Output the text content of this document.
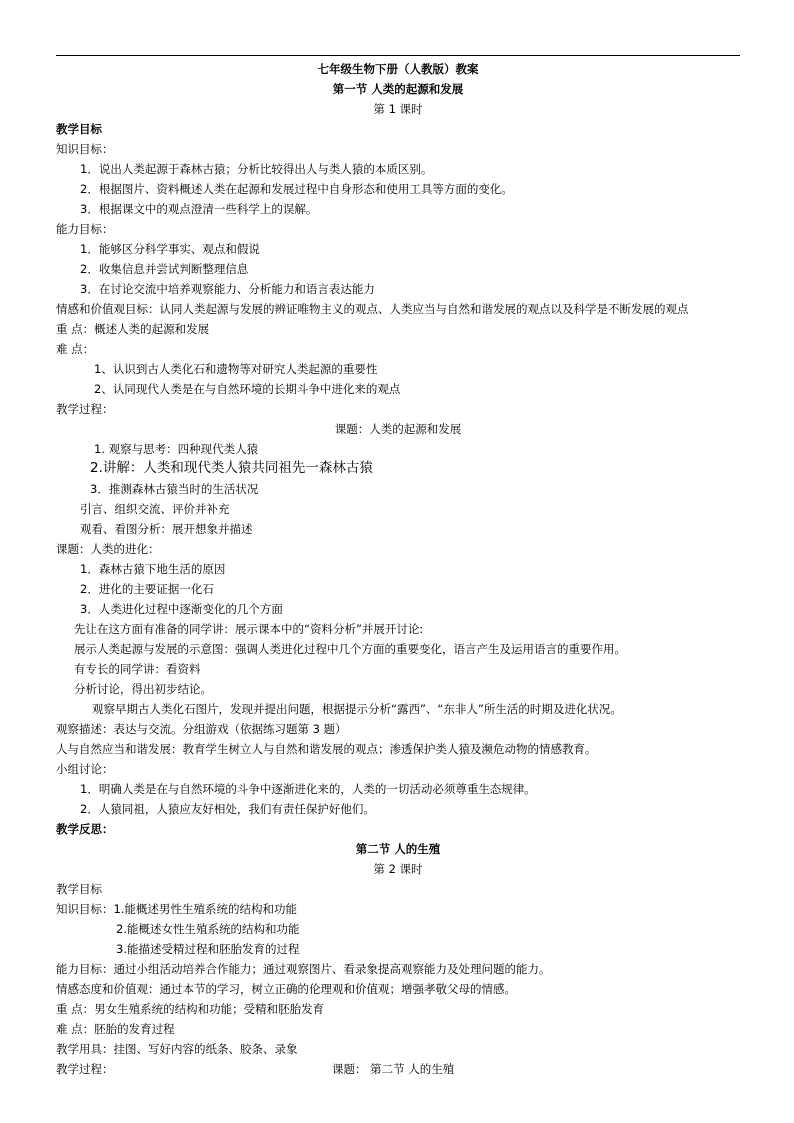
七年级生物下册（人教版）教案
第一节 人类的起源和发展
第 1 课时
教学目标
知识目标：
1．说出人类起源于森林古猿；分析比较得出人与类人猿的本质区别。
2．根据图片、资料概述人类在起源和发展过程中自身形态和使用工具等方面的变化。
3．根据课文中的观点澄清一些科学上的误解。
能力目标：
1．能够区分科学事实、观点和假说
2．收集信息并尝试判断整理信息
3．在讨论交流中培养观察能力、分析能力和语言表达能力
情感和价值观目标：认同人类起源与发展的辨证唯物主义的观点、人类应当与自然和谐发展的观点以及科学是不断发展的观点
重 点：概述人类的起源和发展
难 点：
1、认识到古人类化石和遗物等对研究人类起源的重要性
2、认同现代人类是在与自然环境的长期斗争中进化来的观点
教学过程：
课题：人类的起源和发展
1. 观察与思考：四种现代类人猿
2.讲解：人类和现代类人猿共同祖先一森林古猿
3．推测森林古猿当时的生活状况
引言、组织交流、评价并补充
观看、看图分析：展开想象并描述
课题：人类的进化：
1．森林古猿下地生活的原因
2．进化的主要证据一化石
3．人类进化过程中逐渐变化的几个方面
先让在这方面有准备的同学讲：展示课本中的“资料分析”并展开讨论:
展示人类起源与发展的示意图：强调人类进化过程中几个方面的重要变化，语言产生及运用语言的重要作用。
有专长的同学讲：看资料
分析讨论，得出初步结论。
观察早期古人类化石图片，发现并提出问题，根据提示分析“露西”、“东非人”所生活的时期及进化状况。
观察描述：表达与交流。分组游戏（依据练习题第 3 题）
人与自然应当和谐发展：教育学生树立人与自然和谐发展的观点；渗透保护类人猿及濒危动物的情感教育。
小组讨论：
1．明确人类是在与自然环境的斗争中逐渐进化来的，人类的一切活动必须尊重生态规律。
2．人猿同祖，人猿应友好相处，我们有责任保护好他们。
教学反思：
第二节 人的生殖
第 2 课时
教学目标
知识目标：1.能概述男性生殖系统的结构和功能
2.能概述女性生殖系统的结构和功能
3.能描述受精过程和胚胎发育的过程
能力目标：通过小组活动培养合作能力；通过观察图片、看录象提高观察能力及处理问题的能力。
情感态度和价值观：通过本节的学习，树立正确的伦理观和价值观；增强孝敬父母的情感。
重 点：男女生殖系统的结构和功能；受精和胚胎发育
难 点：胚胎的发育过程
教学用具：挂图、写好内容的纸条、胶条、录象
教学过程：	课题： 第二节 人的生殖
